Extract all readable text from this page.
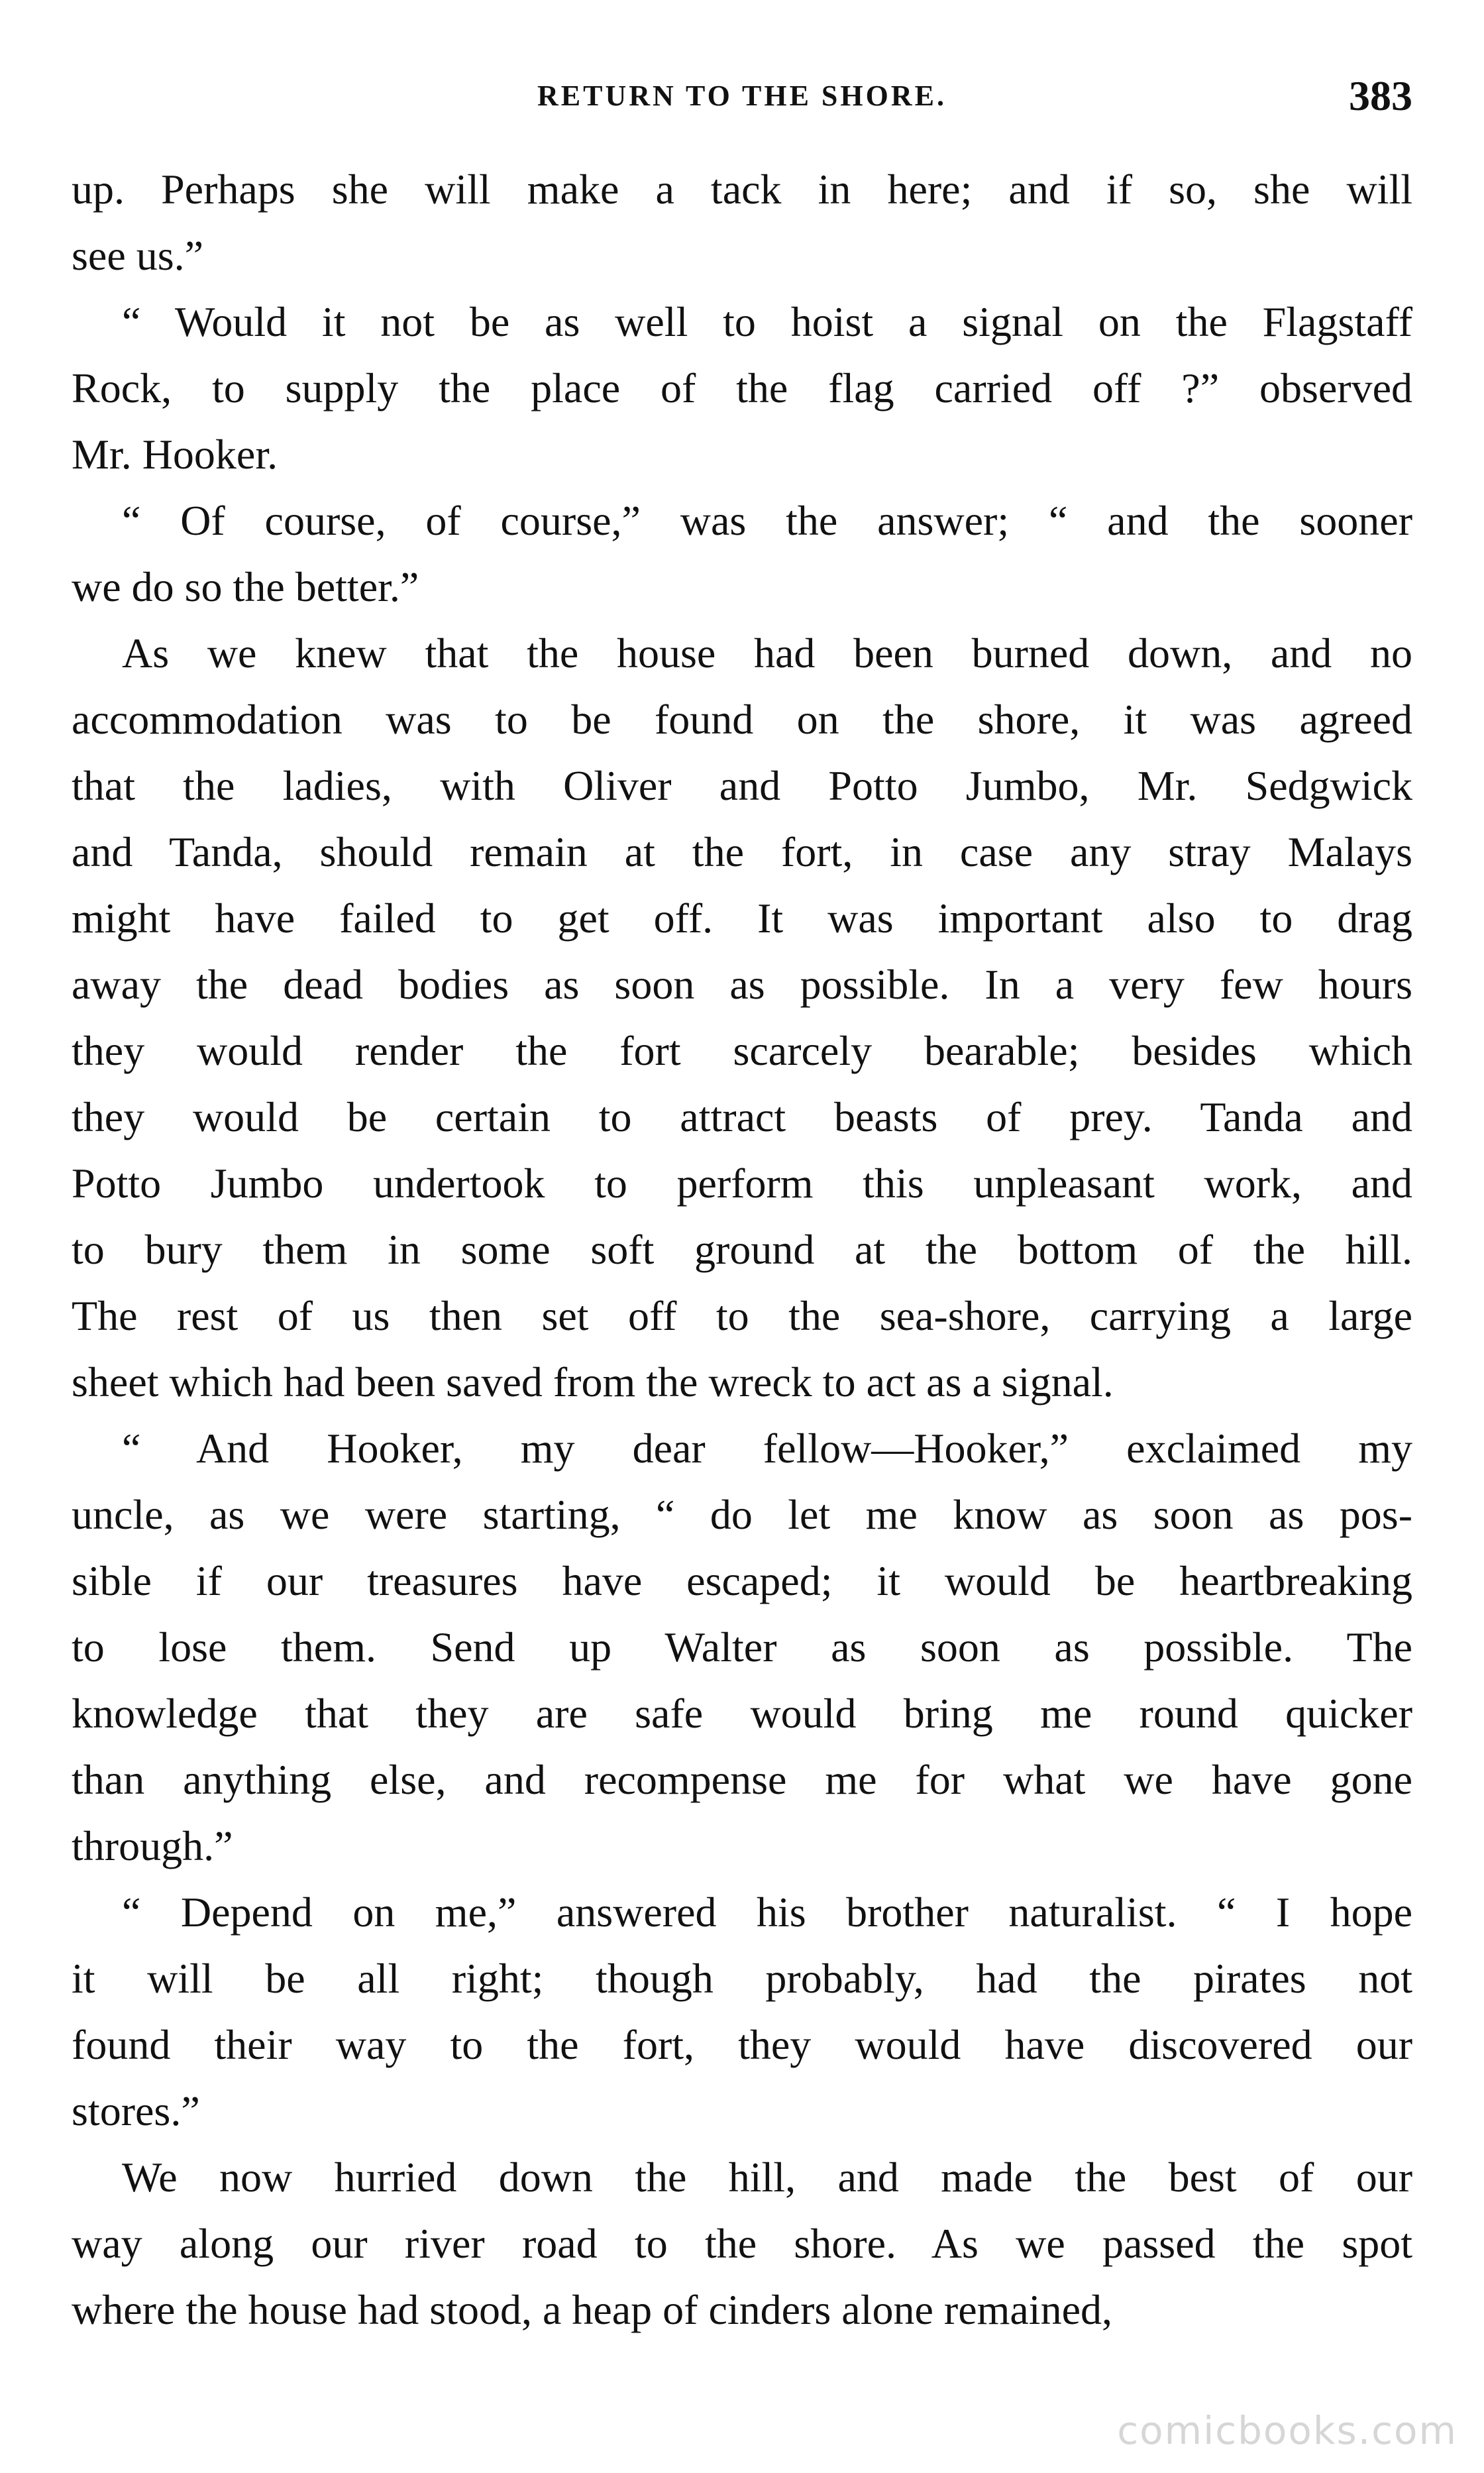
RETURN TO THE SHORE.	383
up. Perhaps she will make a tack in here; and if so, she will
see us.”
“ Would it not be as well to hoist a signal on the Flagstaff
Rock, to supply the place of the flag carried off ?” observed
Mr. Hooker.
“ Of course, of course,” was the answer; “ and the sooner
we do so the better.”
As we knew that the house had been burned down, and no
accommodation was to be found on the shore, it was agreed
that the ladies, with Oliver and Potto Jumbo, Mr. Sedgwick
and Tanda, should remain at the fort, in case any stray Malays
might have failed to get off. It was important also to drag
away the dead bodies as soon as possible. In a very few hours
they would render the fort scarcely bearable; besides which
they would be certain to attract beasts of prey. Tanda and
Potto Jumbo undertook to perform this unpleasant work, and
to bury them in some soft ground at the bottom of the hill.
The rest of us then set off to the sea-shore, carrying a large
sheet which had been saved from the wreck to act as a signal.
“ And Hooker, my dear fellow—Hooker,” exclaimed my
uncle, as we were starting, “ do let me know as soon as pos-
sible if our treasures have escaped; it would be heartbreaking
to lose them. Send up Walter as soon as possible. The
knowledge that they are safe would bring me round quicker
than anything else, and recompense me for what we have gone
through.”
“ Depend on me,” answered his brother naturalist. “ I hope
it will be all right; though probably, had the pirates not
found their way to the fort, they would have discovered our
stores.”
We now hurried down the hill, and made the best of our
way along our river road to the shore. As we passed the spot
where the house had stood, a heap of cinders alone remained,
comicbooks.com
